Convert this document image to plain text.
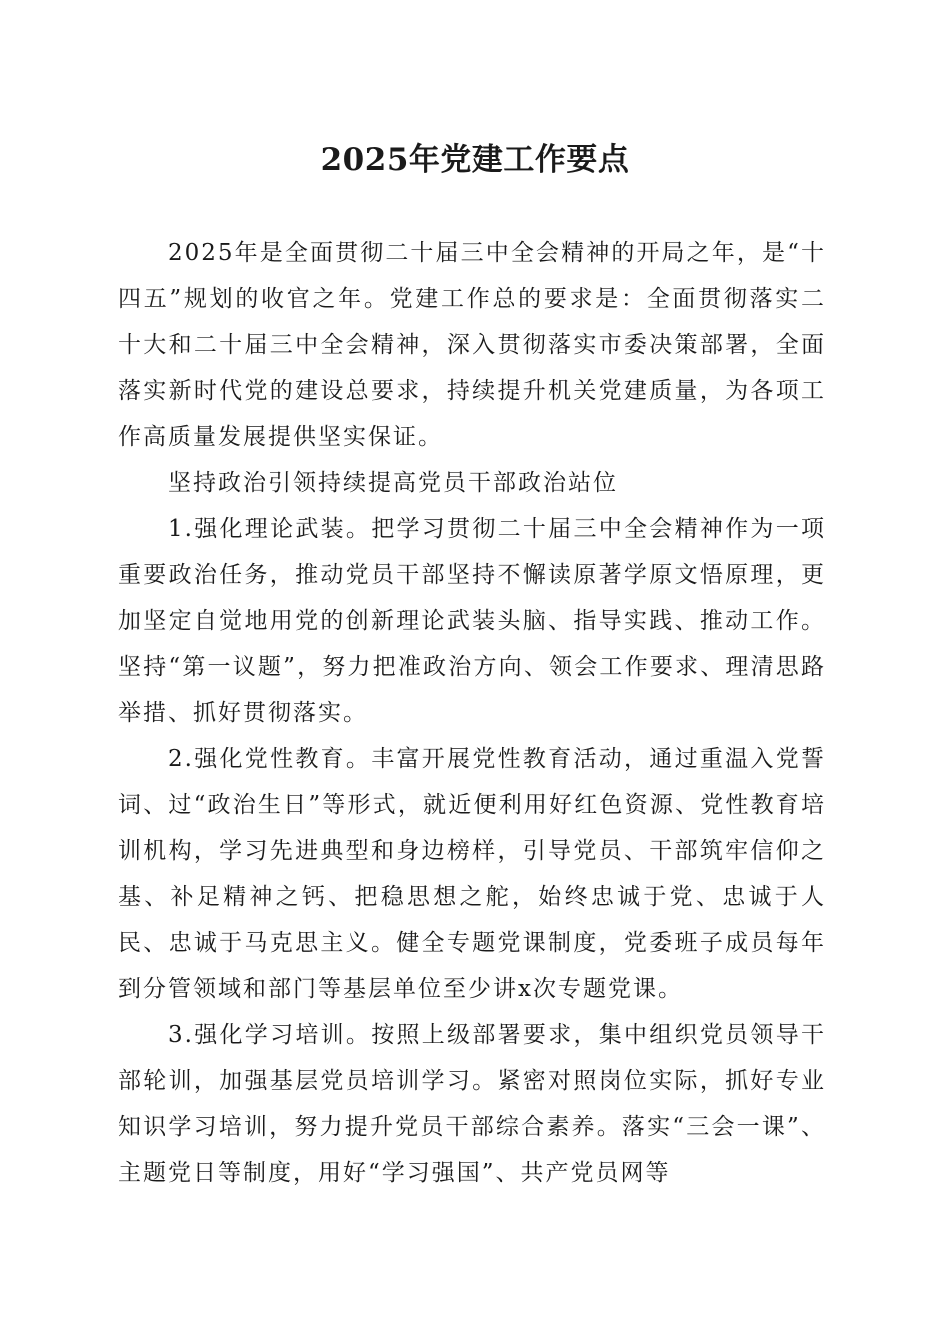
2025年党建工作要点

2025年是全面贯彻二十届三中全会精神的开局之年，是“十四五”规划的收官之年。党建工作总的要求是：全面贯彻落实二十大和二十届三中全会精神，深入贯彻落实市委决策部署，全面落实新时代党的建设总要求，持续提升机关党建质量，为各项工作高质量发展提供坚实保证。

坚持政治引领持续提高党员干部政治站位

1.强化理论武装。把学习贯彻二十届三中全会精神作为一项重要政治任务，推动党员干部坚持不懈读原著学原文悟原理，更加坚定自觉地用党的创新理论武装头脑、指导实践、推动工作。坚持“第一议题”，努力把准政治方向、领会工作要求、理清思路举措、抓好贯彻落实。

2.强化党性教育。丰富开展党性教育活动，通过重温入党誓词、过“政治生日”等形式，就近便利用好红色资源、党性教育培训机构，学习先进典型和身边榜样，引导党员、干部筑牢信仰之基、补足精神之钙、把稳思想之舵，始终忠诚于党、忠诚于人民、忠诚于马克思主义。健全专题党课制度，党委班子成员每年到分管领域和部门等基层单位至少讲x次专题党课。

3.强化学习培训。按照上级部署要求，集中组织党员领导干部轮训，加强基层党员培训学习。紧密对照岗位实际，抓好专业知识学习培训，努力提升党员干部综合素养。落实“三会一课”、主题党日等制度，用好“学习强国”、共产党员网等
